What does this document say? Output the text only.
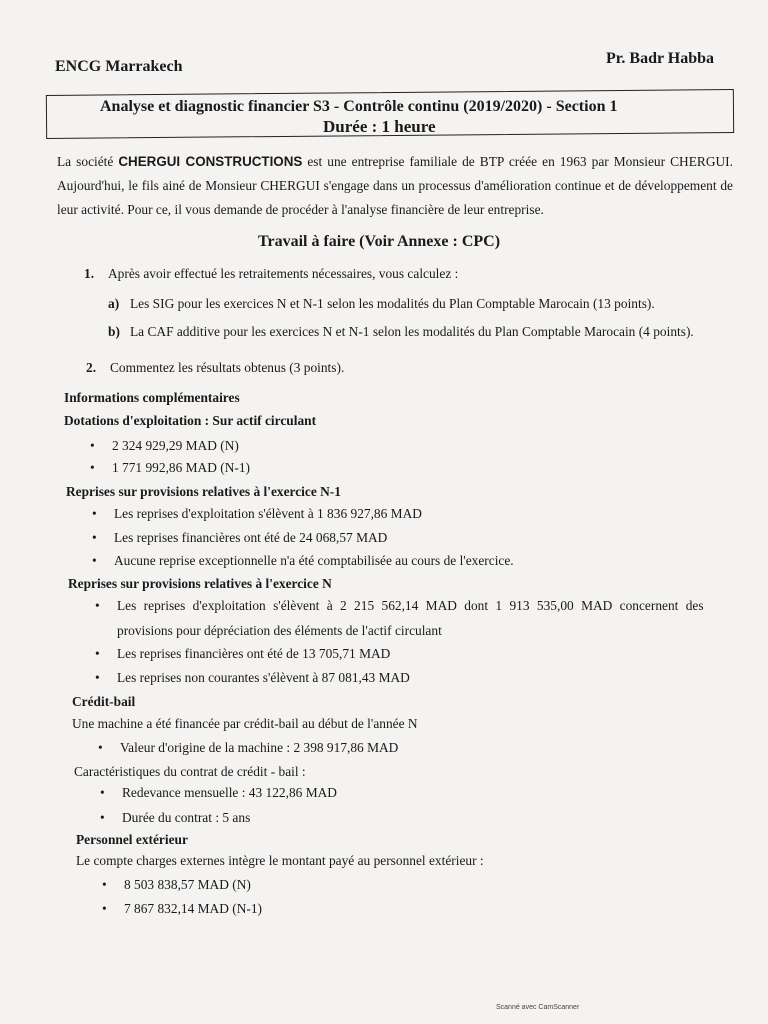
ENCG Marrakech	Pr. Badr Habba
Analyse et diagnostic financier S3 - Contrôle continu (2019/2020) - Section 1
Durée : 1 heure
La société CHERGUI CONSTRUCTIONS est une entreprise familiale de BTP créée en 1963 par Monsieur CHERGUI. Aujourd'hui, le fils ainé de Monsieur CHERGUI s'engage dans un processus d'amélioration continue et de développement de leur activité. Pour ce, il vous demande de procéder à l'analyse financière de leur entreprise.
Travail à faire (Voir Annexe : CPC)
1. Après avoir effectué les retraitements nécessaires, vous calculez :
a) Les SIG pour les exercices N et N-1 selon les modalités du Plan Comptable Marocain (13 points).
b) La CAF additive pour les exercices N et N-1 selon les modalités du Plan Comptable Marocain (4 points).
2. Commentez les résultats obtenus (3 points).
Informations complémentaires
Dotations d'exploitation : Sur actif circulant
• 2 324 929,29 MAD (N)
• 1 771 992,86 MAD (N-1)
Reprises sur provisions relatives à l'exercice N-1
• Les reprises d'exploitation s'élèvent à 1 836 927,86 MAD
• Les reprises financières ont été de 24 068,57 MAD
• Aucune reprise exceptionnelle n'a été comptabilisée au cours de l'exercice.
Reprises sur provisions relatives à l'exercice N
• Les reprises d'exploitation s'élèvent à 2 215 562,14 MAD dont 1 913 535,00 MAD concernent des
provisions pour dépréciation des éléments de l'actif circulant
• Les reprises financières ont été de 13 705,71 MAD
• Les reprises non courantes s'élèvent à 87 081,43 MAD
Crédit-bail
Une machine a été financée par crédit-bail au début de l'année N
• Valeur d'origine de la machine : 2 398 917,86 MAD
Caractéristiques du contrat de crédit - bail :
• Redevance mensuelle : 43 122,86 MAD
• Durée du contrat : 5 ans
Personnel extérieur
Le compte charges externes intègre le montant payé au personnel extérieur :
• 8 503 838,57 MAD (N)
• 7 867 832,14 MAD (N-1)
Scanné avec CamScanner
